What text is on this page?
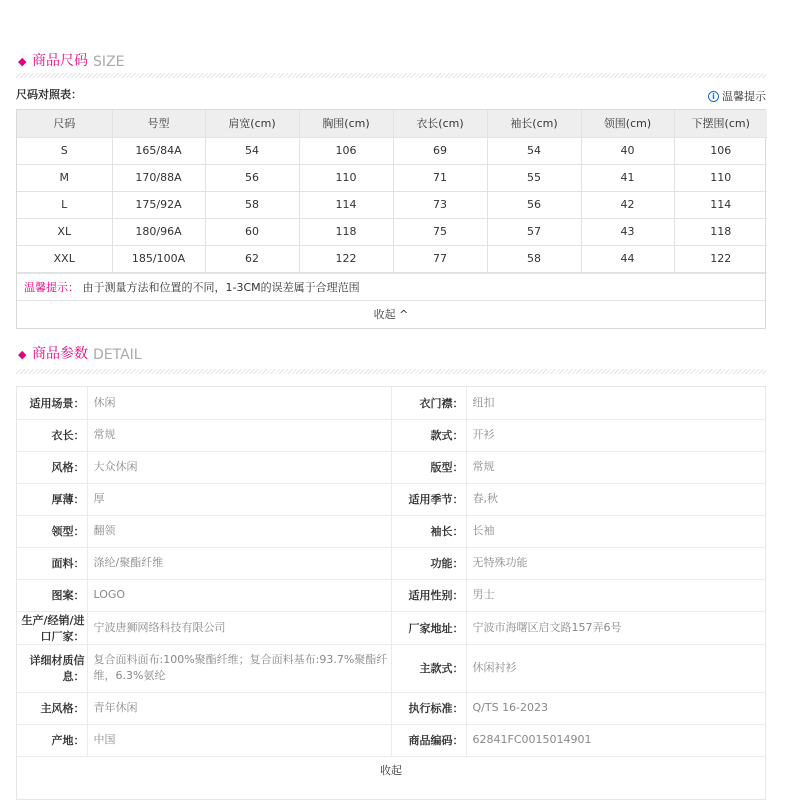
◆ 商品尺码 SIZE
尺码对照表：	i 温馨提示
尺码	号型	肩宽(cm)	胸围(cm)	衣长(cm)	袖长(cm)	领围(cm)	下摆围(cm)
S	165/84A	54	106	69	54	40	106
M	170/88A	56	110	71	55	41	110
L	175/92A	58	114	73	56	42	114
XL	180/96A	60	118	75	57	43	118
XXL	185/100A	62	122	77	58	44	122
温馨提示： 由于测量方法和位置的不同，1-3CM的误差属于合理范围
收起 ^
◆ 商品参数 DETAIL
适用场景：	休闲	衣门襟：	纽扣
衣长：	常规	款式：	开衫
风格：	大众休闲	版型：	常规
厚薄：	厚	适用季节：	春,秋
领型：	翻领	袖长：	长袖
面料：	涤纶/聚酯纤维	功能：	无特殊功能
图案：	LOGO	适用性别：	男士
生产/经销/进口厂家：	宁波唐狮网络科技有限公司	厂家地址：	宁波市海曙区启文路157弄6号
详细材质信息：	复合面料面布:100%聚酯纤维；复合面料基布:93.7%聚酯纤维，6.3%氨纶	主款式：	休闲衬衫
主风格：	青年休闲	执行标准：	Q/TS 16-2023
产地：	中国	商品编码：	62841FC0015014901
收起
